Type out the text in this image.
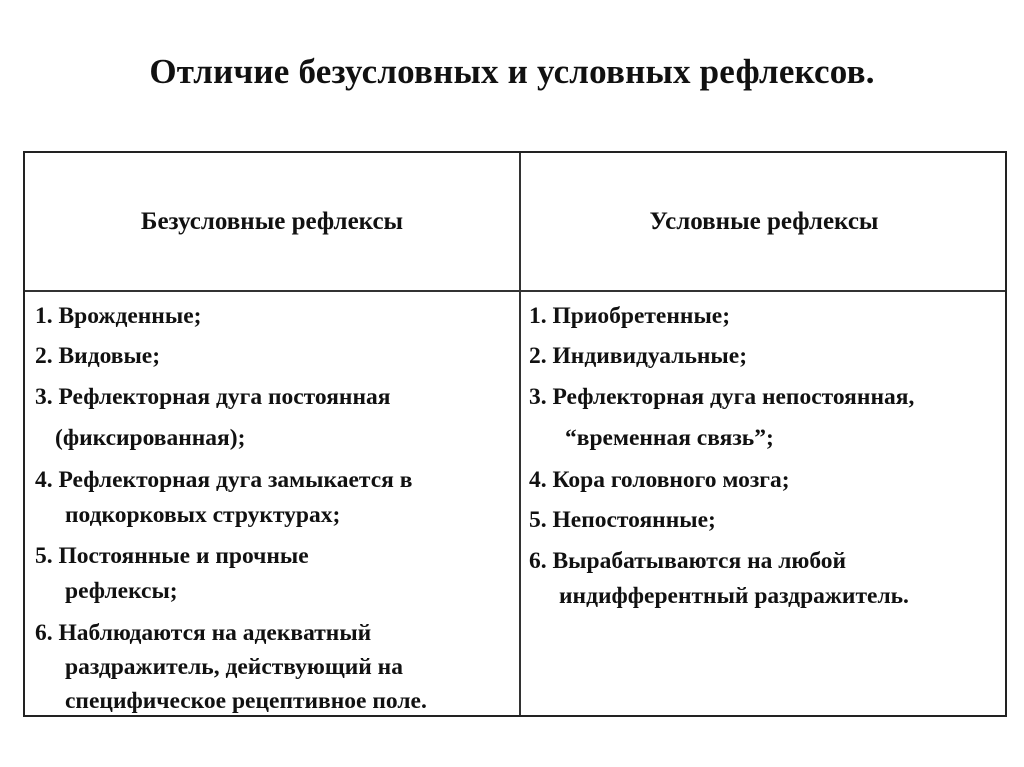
Отличие безусловных и условных рефлексов.
Безусловные рефлексы	Условные рефлексы
1. Врожденные;
2. Видовые;
3. Рефлекторная дуга постоянная
(фиксированная);
4. Рефлекторная дуга замыкается в
подкорковых структурах;
5. Постоянные и прочные
рефлексы;
6. Наблюдаются на адекватный
раздражитель, действующий на
специфическое рецептивное поле.
1. Приобретенные;
2. Индивидуальные;
3. Рефлекторная дуга непостоянная,
“временная связь”;
4. Кора головного мозга;
5. Непостоянные;
6. Вырабатываются на любой
индифферентный раздражитель.
